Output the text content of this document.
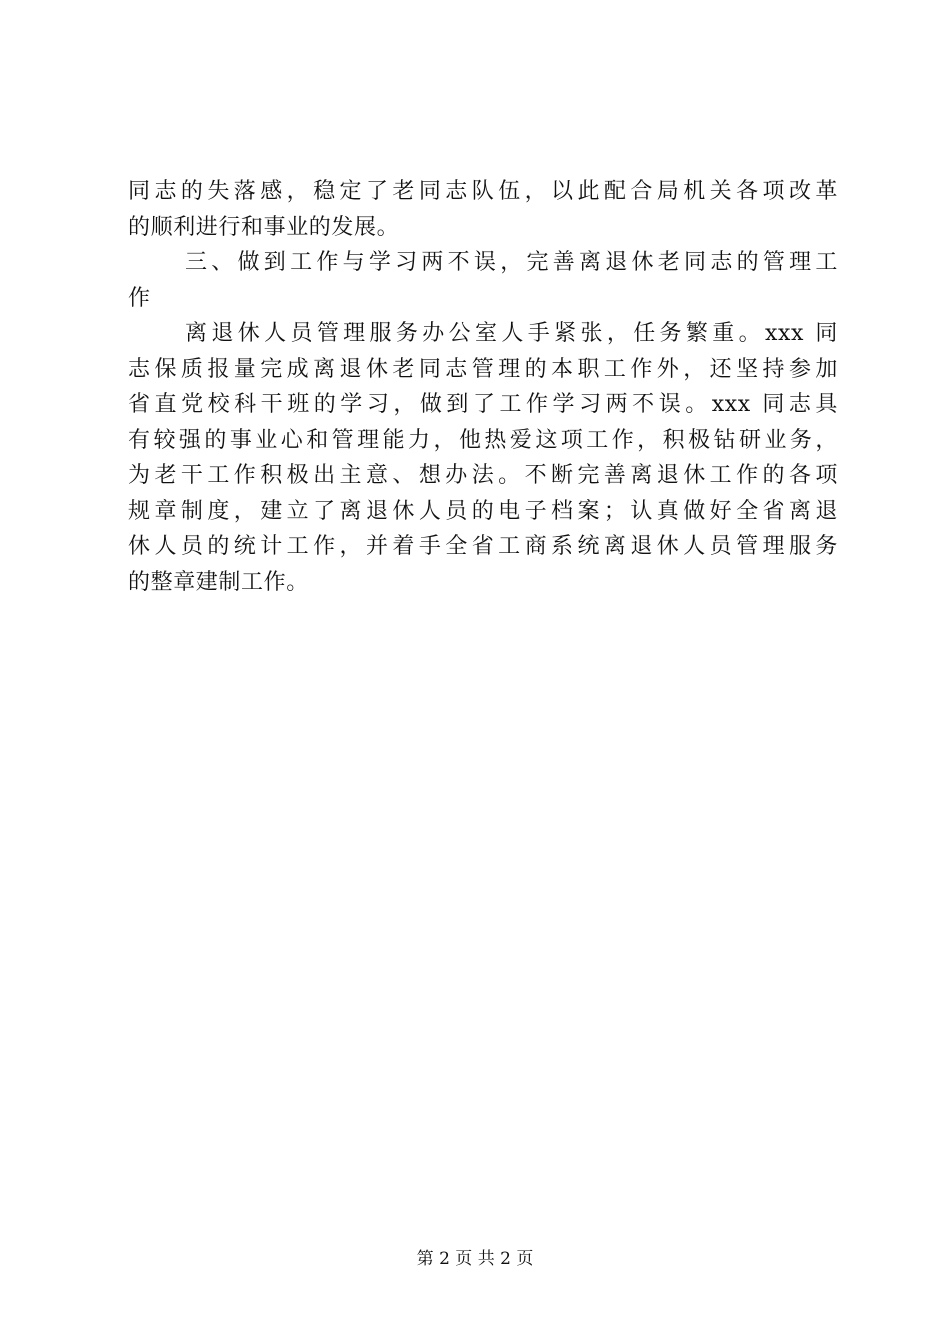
同志的失落感，稳定了老同志队伍，以此配合局机关各项改革
的顺利进行和事业的发展。
三、做到工作与学习两不误，完善离退休老同志的管理工
作
离退休人员管理服务办公室人手紧张，任务繁重。xxx 同
志保质报量完成离退休老同志管理的本职工作外，还坚持参加
省直党校科干班的学习，做到了工作学习两不误。xxx 同志具
有较强的事业心和管理能力，他热爱这项工作，积极钻研业务，
为老干工作积极出主意、想办法。不断完善离退休工作的各项
规章制度，建立了离退休人员的电子档案；认真做好全省离退
休人员的统计工作，并着手全省工商系统离退休人员管理服务
的整章建制工作。
第 2 页 共 2 页
